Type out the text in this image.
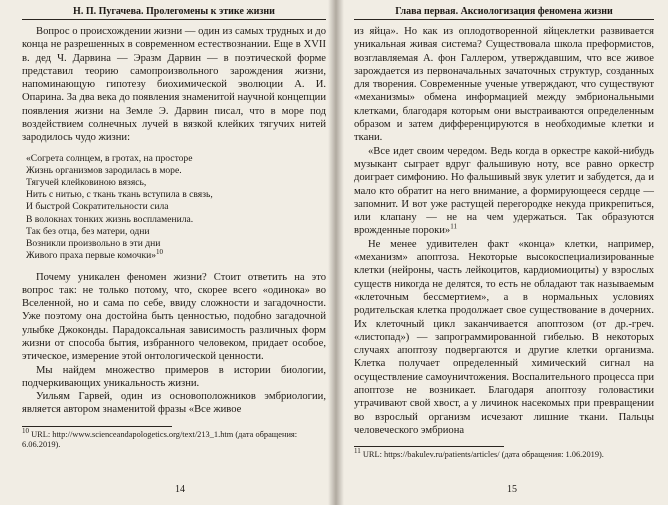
Н. П. Пугачева. Пролегомены к этике жизни

Вопрос о происхождении жизни — один из самых трудных и до конца не разрешенных в современном естествознании. Еще в XVII в. дед Ч. Дарвина — Эразм Дарвин — в поэтической форме представил теорию самопроизвольного зарождения жизни, напоминающую гипотезу биохимической эволюции А. И. Опарина. За два века до появления знаменитой научной концепции появления жизни на Земле Э. Дарвин писал, что в море под воздействием солнечных лучей в вязкой клейких тягучих нитей зародилось чудо жизни:

«Согрета солнцем, в гротах, на просторе
Жизнь организмов зародилась в море.
Тягучей клейковиною вязясь,
Нить с нитью, с ткань ткань вступила в связь,
И быстрой Сократительности сила
В волокнах тонких жизнь воспламенила.
Так без отца, без матери, одни
Возникли произвольно в эти дни
Живого праха первые комочки»$^{10}$

Почему уникален феномен жизни? Стоит ответить на это вопрос так: не только потому, что, скорее всего «одинока» во Вселенной, но и сама по себе, ввиду сложности и загадочности. Уже поэтому она достойна быть ценностью, подобно загадочной улыбке Джоконды. Парадоксальная зависимость различных форм жизни от способа бытия, избранного человеком, придает особое, этическое, измерение этой онтологической ценности.

Мы найдем множество примеров в истории биологии, подчеркивающих уникальность жизни.

Уильям Гарвей, один из основоположников эмбриологии, является автором знаменитой фразы «Все живое

$^{10}$ URL: http://www.scienceandapologetics.org/text/213_1.htm (дата обращения: 6.06.2019).

14
Глава первая. Аксиологизация феномена жизни

из яйца». Но как из оплодотворенной яйцеклетки развивается уникальная живая система? Существовала школа преформистов, возглавляемая А. фон Галлером, утверждавшим, что все живое зарождается из первоначальных зачаточных структур, созданных для творения. Современные ученые утверждают, что существуют «механизмы» обмена информацией между эмбриональными клетками, благодаря которым они выстраиваются определенным образом и затем дифференцируются в необходимые клетки и ткани.

«Все идет своим чередом. Ведь когда в оркестре какой-нибудь музыкант сыграет вдруг фальшивую ноту, все равно оркестр доиграет симфонию. Но фальшивый звук улетит и забудется, да и мало кто обратит на него внимание, а формирующееся сердце — запомнит. И вот уже растущей перегородке некуда прикрепиться, или клапану — не на чем удержаться. Так образуются врожденные пороки»$^{11}$

Не менее удивителен факт «конца» клетки, например, «механизм» апоптоза. Некоторые высокоспециализированные клетки (нейроны, часть лейкоцитов, кардиомиоциты) у взрослых существ никогда не делятся, то есть не обладают так называемым «клеточным бессмертием», а в нормальных условиях родительская клетка продолжает свое существование в дочерних. Их клеточный цикл заканчивается апоптозом (от др.-греч. «листопад») — запрограммированной гибелью. В некоторых случаях апоптозу подвергаются и другие клетки организма. Клетка получает определенный химический сигнал на осуществление самоуничтожения. Воспалительного процесса при апоптозе не возникает. Благодаря апоптозу головастики утрачивают свой хвост, а у личинок насекомых при превращении во взрослый организм исчезают лишние ткани. Пальцы человеческого эмбриона

$^{11}$ URL: https://bakulev.ru/patients/articles/ (дата обращения: 1.06.2019).

15
